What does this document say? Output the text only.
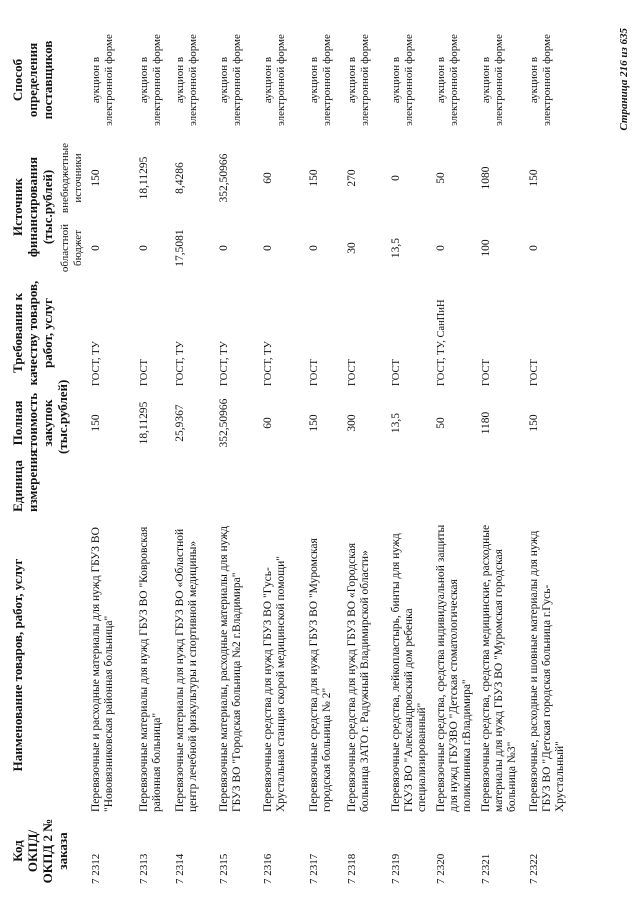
Код ОКПД/ ОКПД 2 № заказа	Наименование товаров, работ, услуг	Единица измерения	Полная стоимость закупок (тыс.рублей)	Требования к качеству товаров, работ, услуг	Источник финансирования (тыс.рублей)		Способ определения поставщиков
					областной бюджет	внебюджетные источники	
7 2312	Перевязочные и расходные материалы для нужд ГБУЗ ВО "Нововязниковская районная больница"		150	ГОСТ, ТУ	0	150	аукцион в электронной форме
7 2313	Перевязочные материалы для нужд ГБУЗ ВО "Ковровская районная больница"		18,11295	ГОСТ	0	18,11295	аукцион в электронной форме
7 2314	Перевязочные материалы для нужд ГБУЗ ВО «Областной центр лечебной физкультуры и спортивной медицины»		25,9367	ГОСТ, ТУ	17,5081	8,4286	аукцион в электронной форме
7 2315	Перевязочные материалы, расходные материалы для нужд ГБУЗ ВО "Городская больница №2 г.Владимира"		352,50966	ГОСТ, ТУ	0	352,50966	аукцион в электронной форме
7 2316	Перевязочные средства для нужд ГБУЗ ВО "Гусь-Хрустальная станция скорой медицинской помощи"		60	ГОСТ, ТУ	0	60	аукцион в электронной форме
7 2317	Перевязочные средства для нужд ГБУЗ ВО "Муромская городская больница № 2"		150	ГОСТ	0	150	аукцион в электронной форме
7 2318	Перевязочные средства для нужд ГБУЗ ВО «Городская больница ЗАТО г. Радужный Владимирской области»		300	ГОСТ	30	270	аукцион в электронной форме
7 2319	Перевязочные средства, лейкопластырь, бинты для нужд ГКУЗ ВО "Александровский дом ребенка специализированный"		13,5	ГОСТ	13,5	0	аукцион в электронной форме
7 2320	Перевязочные средства, средства индивидуальной защиты для нужд ГБУЗВО "Детская стоматологическая поликлиника г.Владимира"		50	ГОСТ, ТУ, СанПиН	0	50	аукцион в электронной форме
7 2321	Перевязочные средства, средства медицинские, расходные материалы для нужд ГБУЗ ВО "Муромская городская больница №3"		1180	ГОСТ	100	1080	аукцион в электронной форме
7 2322	Перевязочные, расходные и шовные материалы для нужд ГБУЗ ВО "Детская городская больница г.Гусь-Хрустальный"		150	ГОСТ	0	150	аукцион в электронной форме	Страница 216 из 635
